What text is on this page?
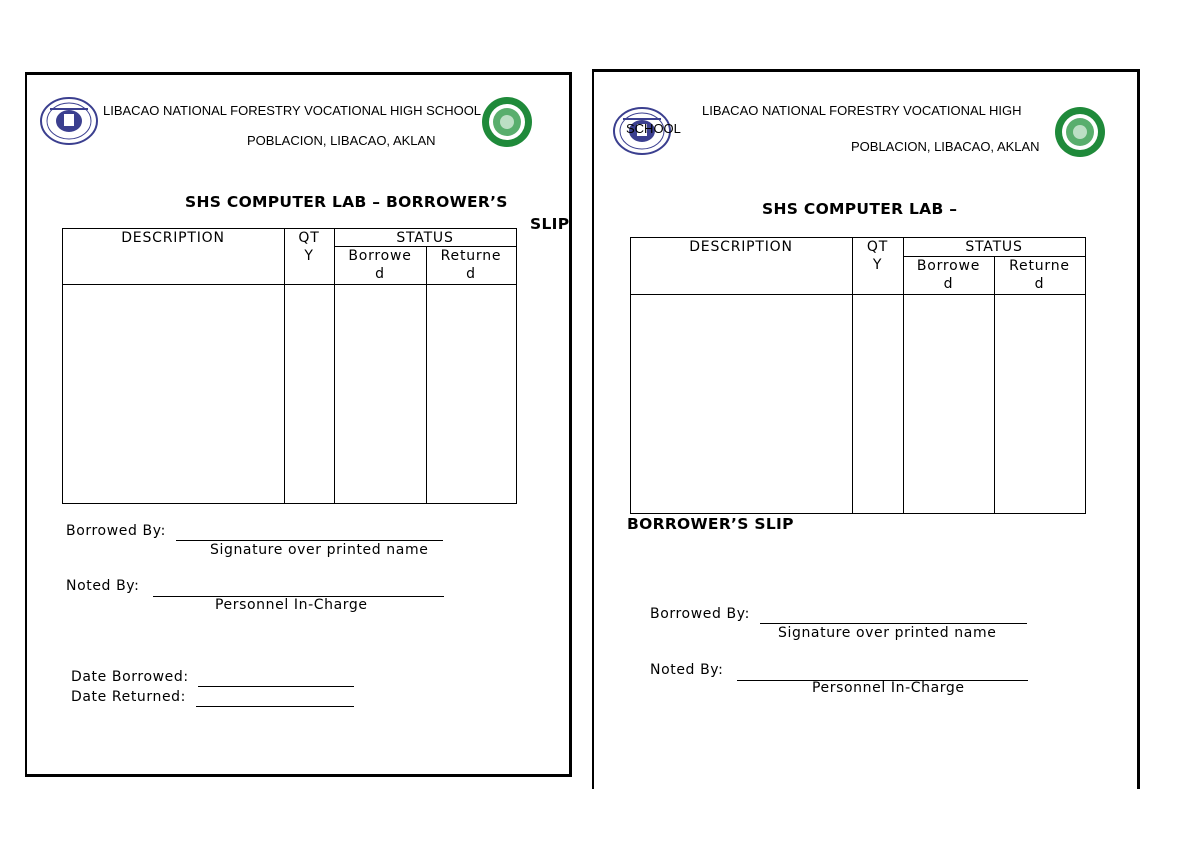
LIBACAO NATIONAL FORESTRY VOCATIONAL HIGH SCHOOL
POBLACION, LIBACAO, AKLAN
SHS COMPUTER LAB – BORROWER’S
SLIP
DESCRIPTION	QT
Y
STATUS
Borrowe
d
Returne
d
Borrowed By:
Signature over printed name
Noted By:
Personnel In-Charge
Date Borrowed:
Date Returned:
LIBACAO NATIONAL FORESTRY VOCATIONAL HIGH
SCHOOL
POBLACION, LIBACAO, AKLAN
SHS COMPUTER LAB –
DESCRIPTION	QT
Y
STATUS
Borrowe
d
Returne
d
BORROWER’S SLIP
Borrowed By:
Signature over printed name
Noted By:
Personnel In-Charge
